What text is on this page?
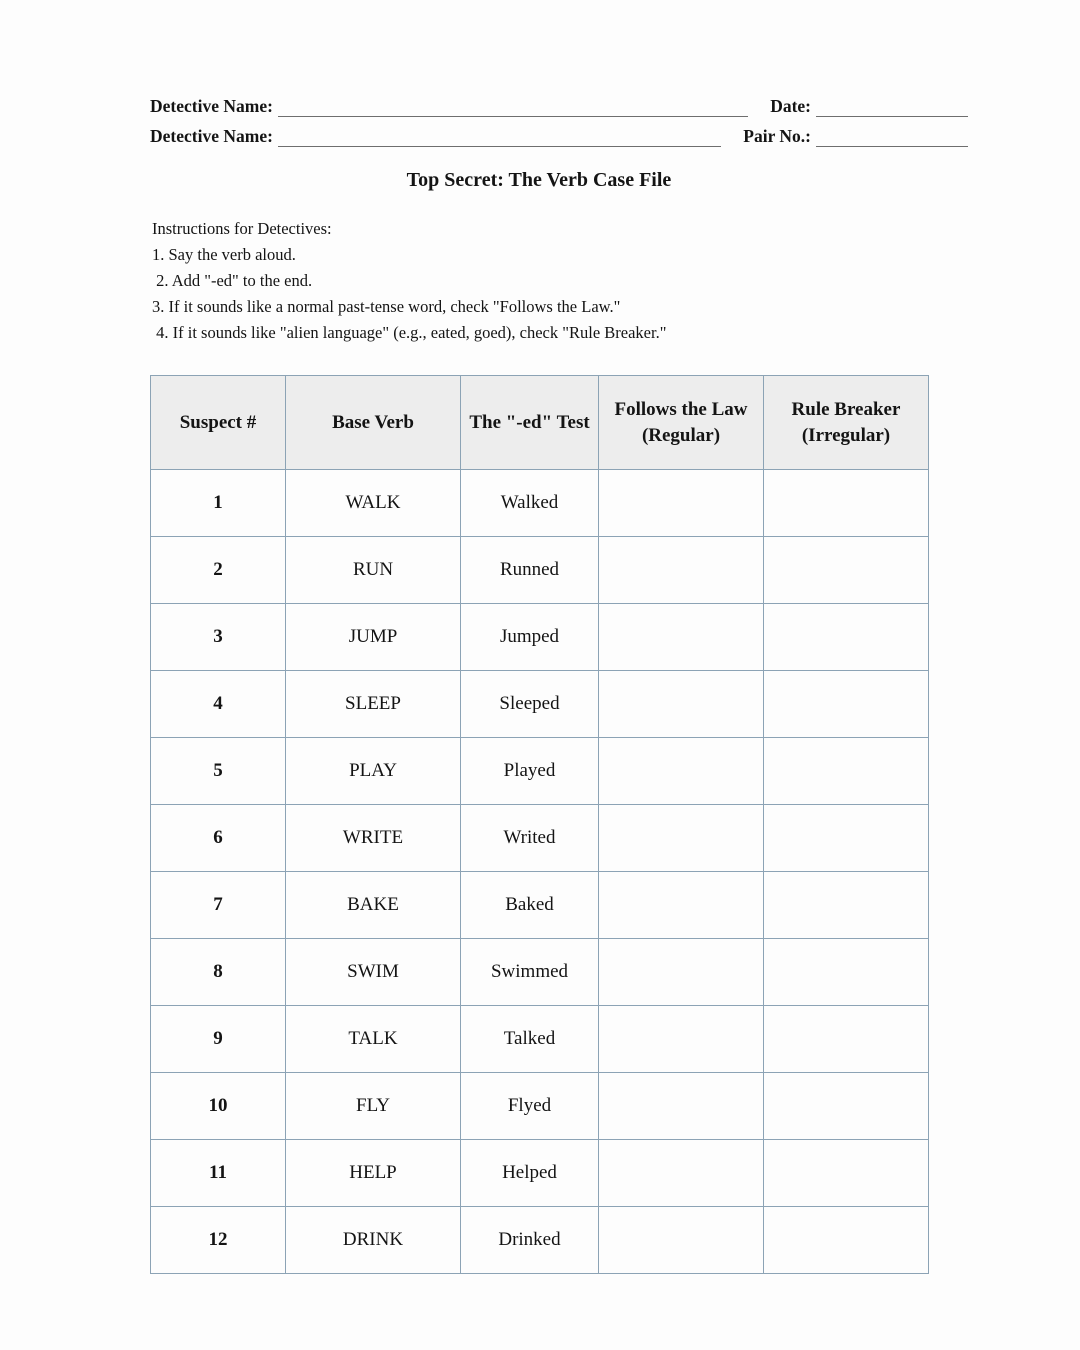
Detective Name:	Date:
Detective Name:	Pair No.:
Top Secret: The Verb Case File
Instructions for Detectives:
1. Say the verb aloud.
2. Add "-ed" to the end.
3. If it sounds like a normal past-tense word, check "Follows the Law."
4. If it sounds like "alien language" (e.g., eated, goed), check "Rule Breaker."
Suspect #	Base Verb	The "-ed" Test	Follows the Law (Regular)	Rule Breaker (Irregular)
1	WALK	Walked		
2	RUN	Runned		
3	JUMP	Jumped		
4	SLEEP	Sleeped		
5	PLAY	Played		
6	WRITE	Writed		
7	BAKE	Baked		
8	SWIM	Swimmed		
9	TALK	Talked		
10	FLY	Flyed		
11	HELP	Helped		
12	DRINK	Drinked		
